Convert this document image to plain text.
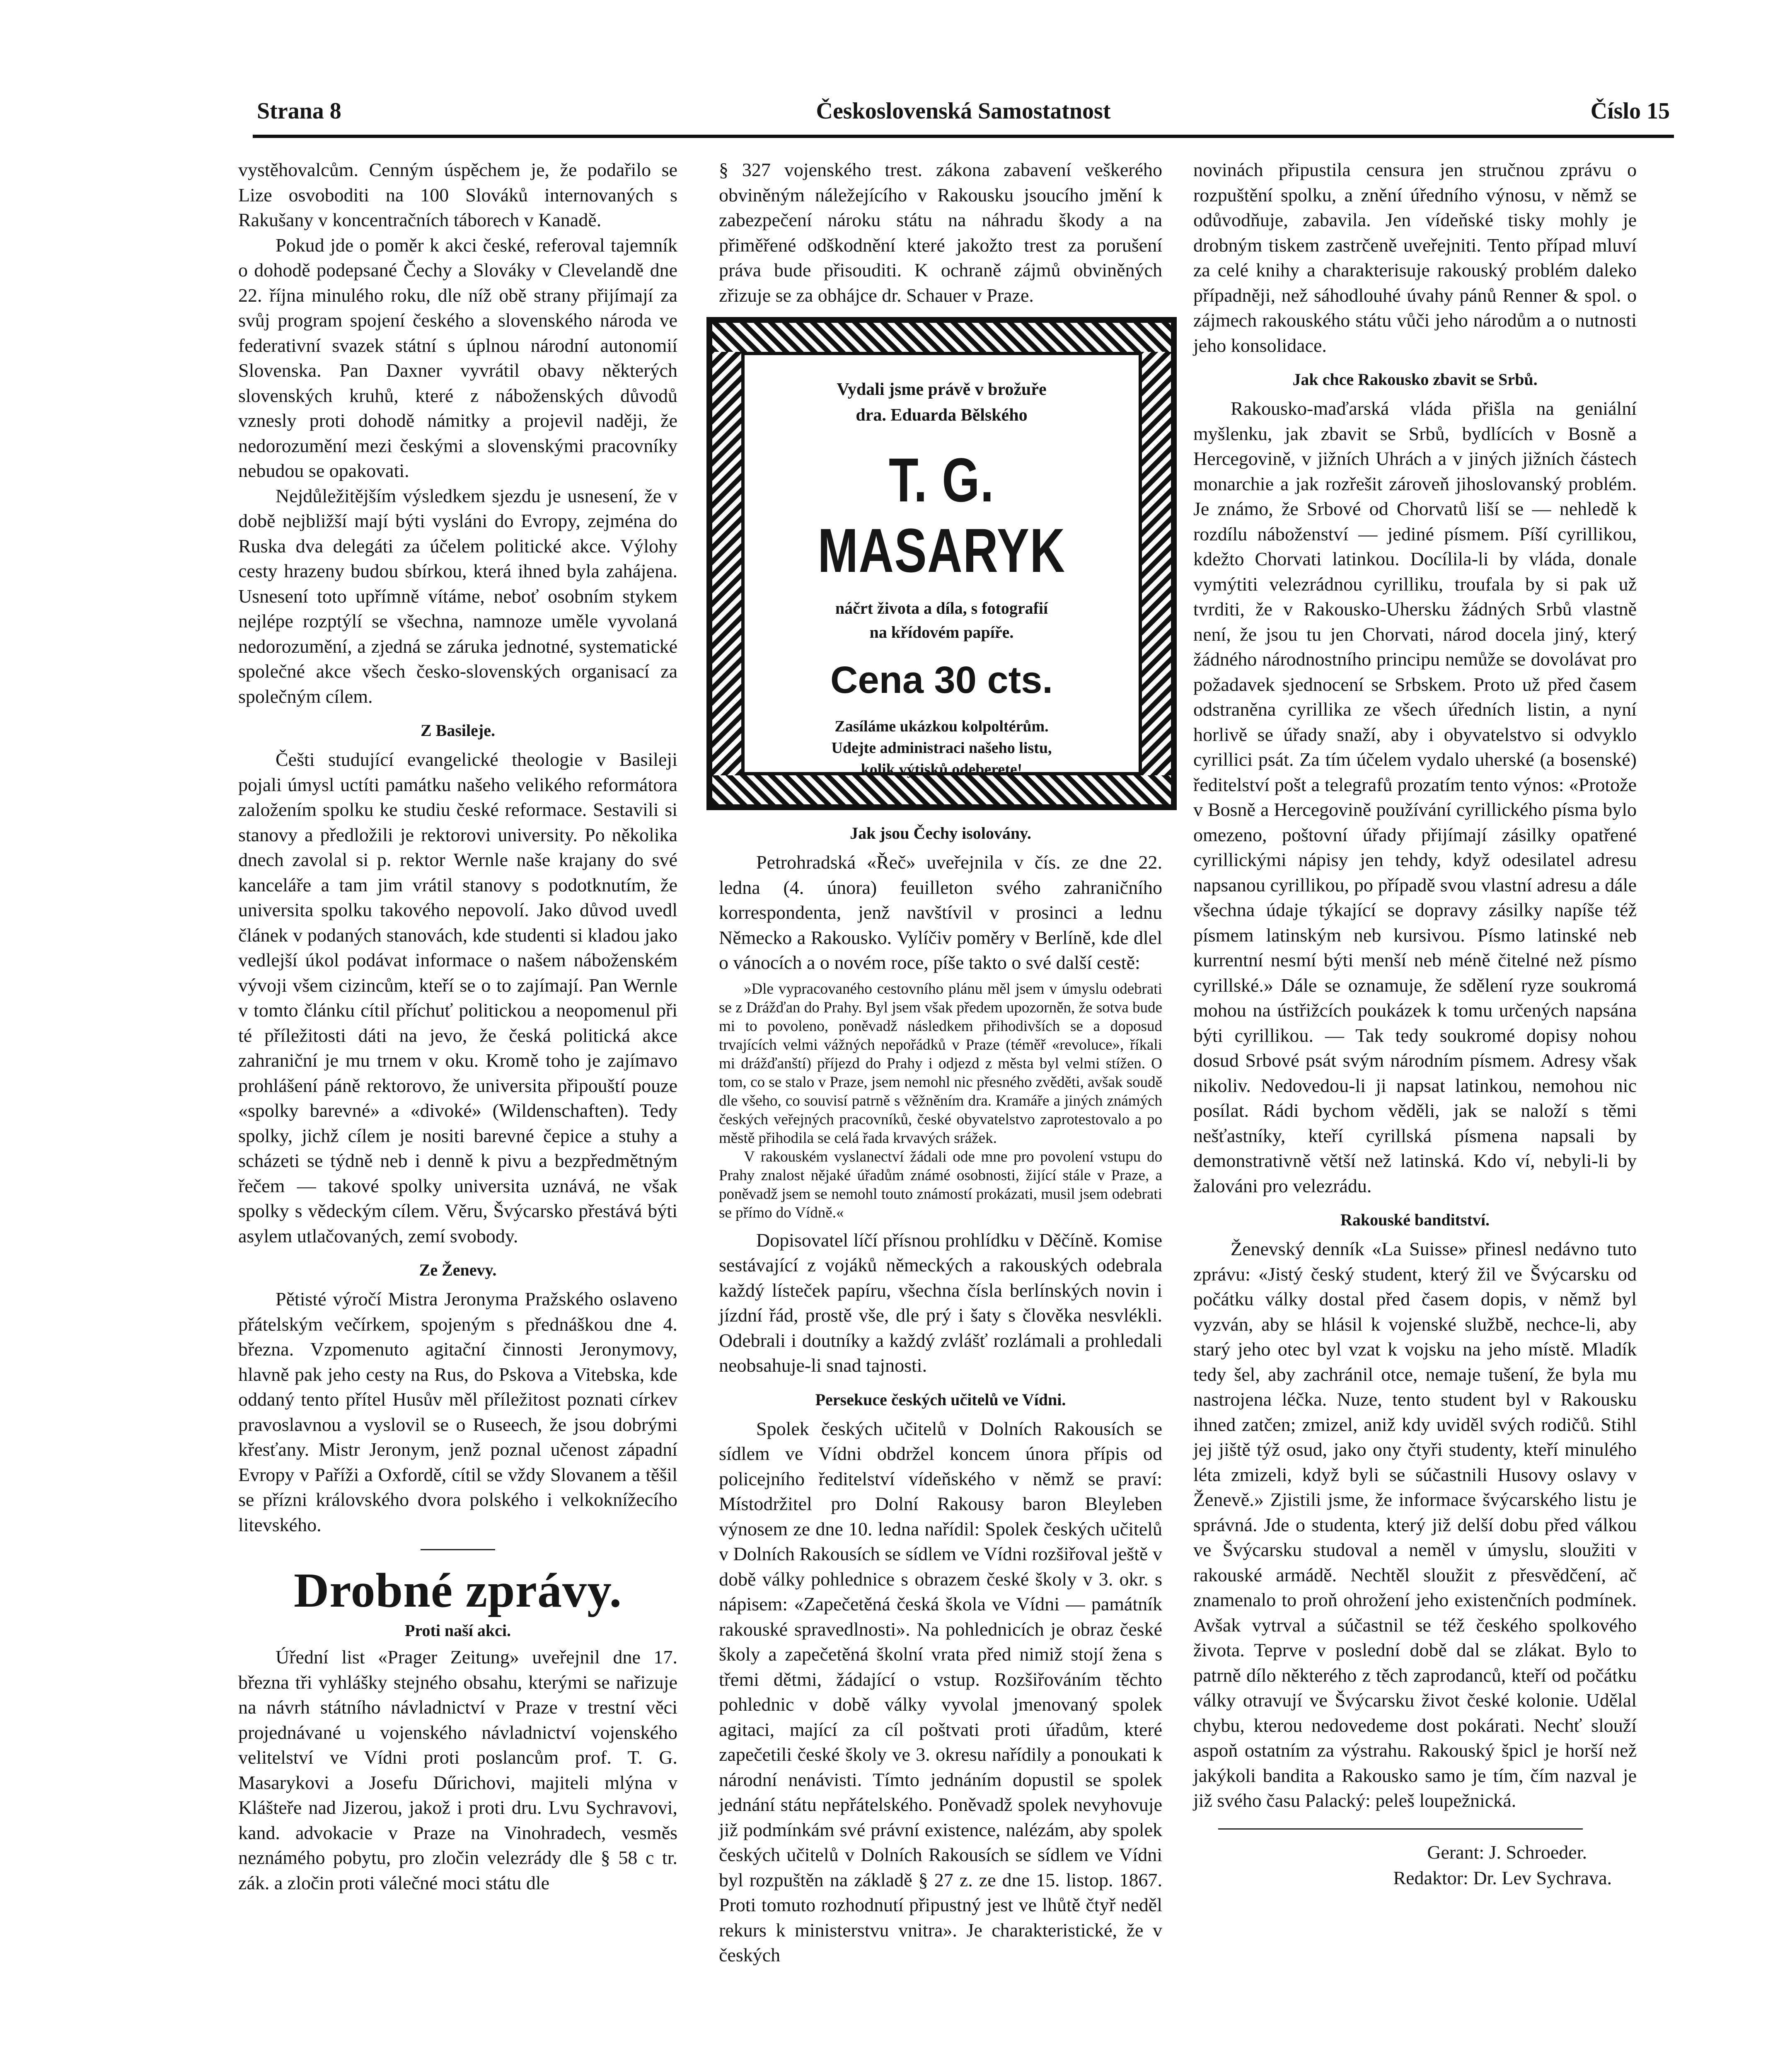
Strana 8	Československá Samostatnost	Číslo 15

vystěhovalcům. Cenným úspěchem je, že podařilo se Lize osvoboditi na 100 Slováků internovaných s Rakušany v koncentračních táborech v Kanadě.

Pokud jde o poměr k akci české, referoval tajemník o dohodě podepsané Čechy a Slováky v Clevelandě dne 22. října minulého roku, dle níž obě strany přijímají za svůj program spojení českého a slovenského národa ve federativní svazek státní s úplnou národní autonomií Slovenska. Pan Daxner vyvrátil obavy některých slovenských kruhů, které z náboženských důvodů vznesly proti dohodě námitky a projevil naději, že nedorozumění mezi českými a slovenskými pracovníky nebudou se opakovati.

Nejdůležitějším výsledkem sjezdu je usnesení, že v době nejbližší mají býti vysláni do Evropy, zejména do Ruska dva delegáti za účelem politické akce. Výlohy cesty hrazeny budou sbírkou, která ihned byla zahájena. Usnesení toto upřímně vítáme, neboť osobním stykem nejlépe rozptýlí se všechna, namnoze uměle vyvolaná nedorozumění, a zjedná se záruka jednotné, systematické společné akce všech česko-slovenských organisací za společným cílem.

Z Basileje.

Češti studující evangelické theologie v Basileji pojali úmysl uctíti památku našeho velikého reformátora založením spolku ke studiu české reformace. Sestavili si stanovy a předložili je rektorovi university. Po několika dnech zavolal si p. rektor Wernle naše krajany do své kanceláře a tam jim vrátil stanovy s podotknutím, že universita spolku takového nepovolí. Jako důvod uvedl článek v podaných stanovách, kde studenti si kladou jako vedlejší úkol podávat informace o našem náboženském vývoji všem cizincům, kteří se o to zajímají. Pan Wernle v tomto článku cítil příchuť politickou a neopomenul při té příležitosti dáti na jevo, že česká politická akce zahraniční je mu trnem v oku. Kromě toho je zajímavo prohlášení páně rektorovo, že universita připouští pouze «spolky barevné» a «divoké» (Wildenschaften). Tedy spolky, jichž cílem je nositi barevné čepice a stuhy a scházeti se týdně neb i denně k pivu a bezpředmětným řečem — takové spolky universita uznává, ne však spolky s vědeckým cílem. Věru, Švýcarsko přestává býti asylem utlačovaných, zemí svobody.

Ze Ženevy.

Pětisté výročí Mistra Jeronyma Pražského oslaveno přátelským večírkem, spojeným s přednáškou dne 4. března. Vzpomenuto agitační činnosti Jeronymovy, hlavně pak jeho cesty na Rus, do Pskova a Vitebska, kde oddaný tento přítel Husův měl příležitost poznati církev pravoslavnou a vyslovil se o Ruseech, že jsou dobrými křesťany. Mistr Jeronym, jenž poznal učenost západní Evropy v Paříži a Oxfordě, cítil se vždy Slovanem a těšil se přízni královského dvora polského i velkoknížecího litevského.

Drobné zprávy.
Proti naší akci.

Úřední list «Prager Zeitung» uveřejnil dne 17. března tři vyhlášky stejného obsahu, kterými se nařizuje na návrh státního návladnictví v Praze v trestní věci projednávané u vojenského návladnictví vojenského velitelství ve Vídni proti poslancům prof. T. G. Masarykovi a Josefu Dűrichovi, majiteli mlýna v Klášteře nad Jizerou, jakož i proti dru. Lvu Sychravovi, kand. advokacie v Praze na Vinohradech, vesměs neznámého pobytu, pro zločin velezrády dle § 58 c tr. zák. a zločin proti válečné moci státu dle

§ 327 vojenského trest. zákona zabavení veškerého obviněným náležejícího v Rakousku jsoucího jmění k zabezpečení nároku státu na náhradu škody a na přiměřené odškodnění které jakožto trest za porušení práva bude přisouditi. K ochraně zájmů obviněných zřizuje se za obhájce dr. Schauer v Praze.

Vydali jsme právě v brožuře
dra. Eduarda Bělského
T. G. MASARYK
náčrt života a díla, s fotografií
na křídovém papíře.
Cena 30 cts.
Zasíláme ukázkou kolpoltérům.
Udejte administraci našeho listu,
kolik výtisků odeberete!
Jak jsou Čechy isolovány.

Petrohradská «Řeč» uveřejnila v čís. ze dne 22. ledna (4. února) feuilleton svého zahraničního korrespondenta, jenž navštívil v prosinci a lednu Německo a Rakousko. Vylíčiv poměry v Berlíně, kde dlel o vánocích a o novém roce, píše takto o své další cestě:

»Dle vypracovaného cestovního plánu měl jsem v úmyslu odebrati se z Drážďan do Prahy. Byl jsem však předem upozorněn, že sotva bude mi to povoleno, poněvadž následkem přihodivších se a doposud trvajících velmi vážných nepořádků v Praze (téměř «revoluce», říkali mi drážďanští) příjezd do Prahy i odjezd z města byl velmi stížen. O tom, co se stalo v Praze, jsem nemohl nic přesného zvěděti, avšak soudě dle všeho, co souvisí patrně s věžněním dra. Kramáře a jiných známých českých veřejných pracovníků, české obyvatelstvo zaprotestovalo a po městě přihodila se celá řada krvavých srážek.

V rakouském vyslanectví žádali ode mne pro povolení vstupu do Prahy znalost nějaké úřadům známé osobnosti, žijící stále v Praze, a poněvadž jsem se nemohl touto známostí prokázati, musil jsem odebrati se přímo do Vídně.«

Dopisovatel líčí přísnou prohlídku v Děčíně. Komise sestávající z vojáků německých a rakouských odebrala každý lísteček papíru, všechna čísla berlínských novin i jízdní řád, prostě vše, dle prý i šaty s člověka nesvlékli. Odebrali i doutníky a každý zvlášť rozlámali a prohledali neobsahuje-li snad tajnosti.

Persekuce českých učitelů ve Vídni.

Spolek českých učitelů v Dolních Rakousích se sídlem ve Vídni obdržel koncem února přípis od policejního ředitelství vídeňského v němž se praví: Místodržitel pro Dolní Rakousy baron Bleyleben výnosem ze dne 10. ledna nařídil: Spolek českých učitelů v Dolních Rakousích se sídlem ve Vídni rozšiřoval ještě v době války pohlednice s obrazem české školy v 3. okr. s nápisem: «Zapečetěná česká škola ve Vídni — památník rakouské spravedlnosti». Na pohlednicích je obraz české školy a zapečetěná školní vrata před nimiž stojí žena s třemi dětmi, žádající o vstup. Rozšiřováním těchto pohlednic v době války vyvolal jmenovaný spolek agitaci, mající za cíl poštvati proti úřadům, které zapečetili české školy ve 3. okresu nařídily a ponoukati k národní nenávisti. Tímto jednáním dopustil se spolek jednání státu nepřátelského. Poněvadž spolek nevyhovuje již podmínkám své právní existence, nalézám, aby spolek českých učitelů v Dolních Rakousích se sídlem ve Vídni byl rozpuštěn na základě § 27 z. ze dne 15. listop. 1867. Proti tomuto rozhodnutí připustný jest ve lhůtě čtyř neděl rekurs k ministerstvu vnitra». Je charakteristické, že v českých

novinách připustila censura jen stručnou zprávu o rozpuštění spolku, a znění úředního výnosu, v němž se odůvodňuje, zabavila. Jen vídeňské tisky mohly je drobným tiskem zastrčeně uveřejniti. Tento případ mluví za celé knihy a charakterisuje rakouský problém daleko případněji, než sáhodlouhé úvahy pánů Renner & spol. o zájmech rakouského státu vůči jeho národům a o nutnosti jeho konsolidace.

Jak chce Rakousko zbavit se Srbů.

Rakousko-maďarská vláda přišla na geniální myšlenku, jak zbavit se Srbů, bydlících v Bosně a Hercegovině, v jižních Uhrách a v jiných jižních částech monarchie a jak rozřešit zároveň jihoslovanský problém. Je známo, že Srbové od Chorvatů liší se — nehledě k rozdílu náboženství — jediné písmem. Píší cyrillikou, kdežto Chorvati latinkou. Docílila-li by vláda, donale vymýtiti velezrádnou cyrilliku, troufala by si pak už tvrditi, že v Rakousko-Uhersku žádných Srbů vlastně není, že jsou tu jen Chorvati, národ docela jiný, který žádného národnostního principu nemůže se dovolávat pro požadavek sjednocení se Srbskem. Proto už před časem odstraněna cyrillika ze všech úředních listin, a nyní horlivě se úřady snaží, aby i obyvatelstvo si odvyklo cyrillici psát. Za tím účelem vydalo uherské (a bosenské) ředitelství pošt a telegrafů prozatím tento výnos: «Protože v Bosně a Hercegovině používání cyrillického písma bylo omezeno, poštovní úřady přijímají zásilky opatřené cyrillickými nápisy jen tehdy, když odesilatel adresu napsanou cyrillikou, po případě svou vlastní adresu a dále všechna údaje týkající se dopravy zásilky napíše též písmem latinským neb kursivou. Písmo latinské neb kurrentní nesmí býti menší neb méně čitelné než písmo cyrillské.» Dále se oznamuje, že sdělení ryze soukromá mohou na ústřižcích poukázek k tomu určených napsána býti cyrillikou. — Tak tedy soukromé dopisy nohou dosud Srbové psát svým národním písmem. Adresy však nikoliv. Nedovedou-li ji napsat latinkou, nemohou nic posílat. Rádi bychom věděli, jak se naloží s těmi nešťastníky, kteří cyrillská písmena napsali by demonstrativně větší než latinská. Kdo ví, nebyli-li by žalováni pro velezrádu.

Rakouské banditství.

Ženevský denník «La Suisse» přinesl nedávno tuto zprávu: «Jistý český student, který žil ve Švýcarsku od počátku války dostal před časem dopis, v němž byl vyzván, aby se hlásil k vojenské službě, nechce-li, aby starý jeho otec byl vzat k vojsku na jeho místě. Mladík tedy šel, aby zachránil otce, nemaje tušení, že byla mu nastrojena léčka. Nuze, tento student byl v Rakousku ihned zatčen; zmizel, aniž kdy uviděl svých rodičů. Stihl jej jiště týž osud, jako ony čtyři studenty, kteří minulého léta zmizeli, když byli se súčastnili Husovy oslavy v Ženevě.» Zjistili jsme, že informace švýcarského listu je správná. Jde o studenta, který již delší dobu před válkou ve Švýcarsku studoval a neměl v úmyslu, sloužiti v rakouské armádě. Nechtěl sloužit z přesvědčení, ač znamenalo to proň ohrožení jeho existenčních podmínek. Avšak vytrval a súčastnil se též českého spolkového života. Teprve v poslední době dal se zlákat. Bylo to patrně dílo některého z těch zaprodanců, kteří od počátku války otravují ve Švýcarsku život české kolonie. Udělal chybu, kterou nedovedeme dost pokárati. Nechť slouží aspoň ostatním za výstrahu. Rakouský špicl je horší než jakýkoli bandita a Rakousko samo je tím, čím nazval je již svého času Palacký: peleš loupežnická.

Gerant: J. Schroeder.
Redaktor: Dr. Lev Sychrava.
